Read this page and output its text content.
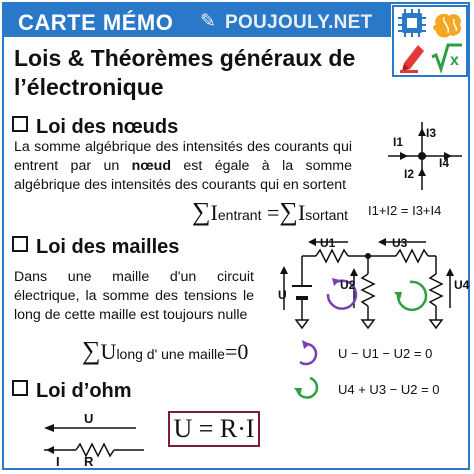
CARTE MÉMO ✎ POUJOULY.NET
x
Lois & Théorèmes généraux de l’électronique
Loi des nœuds
La somme algébrique des intensités des courants qui entrent par un nœud est égale à la somme algébrique des intensités des courants qui en sortent
∑Ientrant =∑Isortant
I1
I3
I2
I4
I1+I2 = I3+I4
Loi des mailles
Dans une maille d'un circuit électrique, la somme des tensions le long de cette maille est toujours nulle
∑Ulong d' une maille=0
U1	U3
U
U2	U4
U − U1 − U2 = 0
U4 + U3 − U2 = 0
Loi d’ohm
U
I R
U = R·I
